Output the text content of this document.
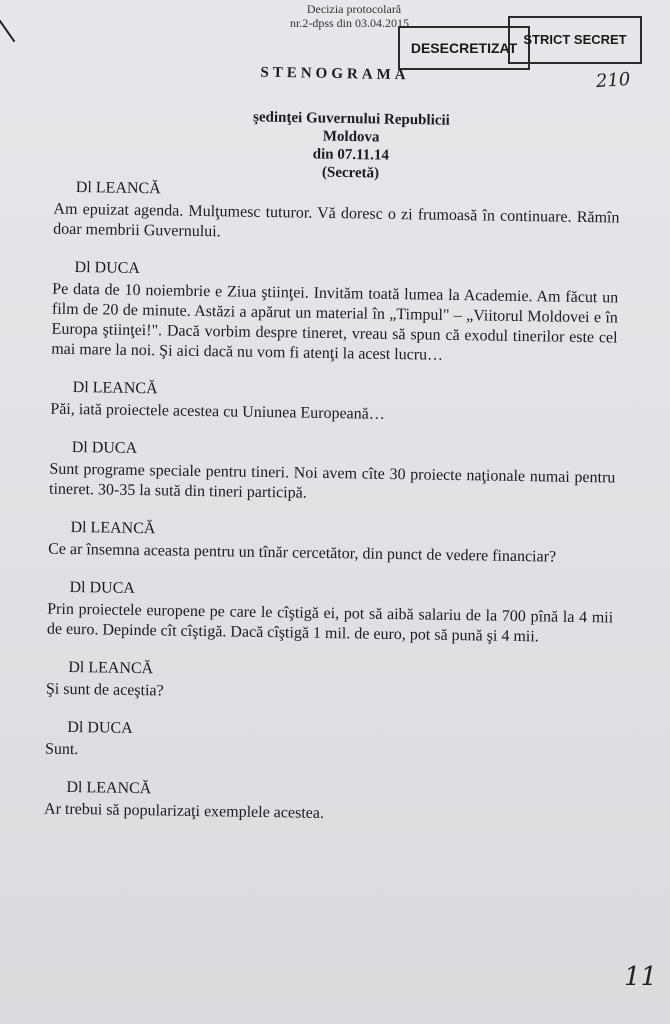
Decizia protocolară
nr.2-dpss din 03.04.2015
DESECRETIZAT
STRICT SECRET
210
STENOGRAMA
şedinţei Guvernului Republicii Moldova
din 07.11.14
(Secretă)
Dl LEANCĂ
Am epuizat agenda. Mulţumesc tuturor. Vă doresc o zi frumoasă în continuare. Rămîn doar membrii Guvernului.
Dl DUCA
Pe data de 10 noiembrie e Ziua ştiinţei. Invităm toată lumea la Academie. Am făcut un film de 20 de minute. Astăzi a apărut un material în „Timpul" – „Viitorul Moldovei e în Europa ştiinţei!". Dacă vorbim despre tineret, vreau să spun că exodul tinerilor este cel mai mare la noi. Şi aici dacă nu vom fi atenţi la acest lucru…
Dl LEANCĂ
Păi, iată proiectele acestea cu Uniunea Europeană…
Dl DUCA
Sunt programe speciale pentru tineri. Noi avem cîte 30 proiecte naţionale numai pentru tineret. 30-35 la sută din tineri participă.
Dl LEANCĂ
Ce ar însemna aceasta pentru un tînăr cercetător, din punct de vedere financiar?
Dl DUCA
Prin proiectele europene pe care le cîştigă ei, pot să aibă salariu de la 700 pînă la 4 mii de euro. Depinde cît cîştigă. Dacă cîştigă 1 mil. de euro, pot să pună şi 4 mii.
Dl LEANCĂ
Şi sunt de aceştia?
Dl DUCA
Sunt.
Dl LEANCĂ
Ar trebui să popularizaţi exemplele acestea.
11
